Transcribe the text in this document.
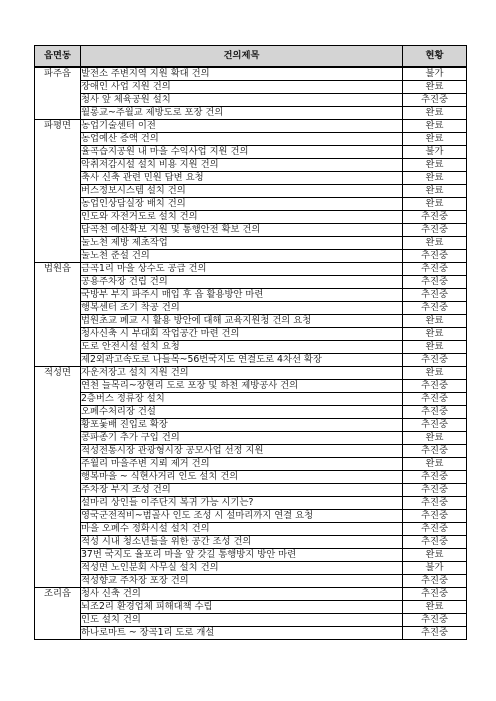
읍면동	건의제목	현황
파주읍	발전소 주변지역 지원 확대 건의	불가
	장애인 사업 지원 건의	완료
	청사 앞 체육공원 설치	추진중
	월롱교~주월교 제방도로 포장 건의	완료
파평면	농업기술센터 이전	완료
	농업예산 증액 건의	완료
	율곡습지공원 내 마을 수익사업 지원 건의	불가
	악취저감시설 설치 비용 지원 건의	완료
	축사 신축 관련 민원 답변 요청	완료
	버스정보시스템 설치 건의	완료
	농업인상담실장 배치 건의	완료
	인도와 자전거도로 설치 건의	추진중
	답곡천 예산확보 지원 및 통행안전 확보 건의	추진중
	눌노천 제방 제초작업	완료
	눌노천 준설 건의	추진중
법원읍	금곡1리 마을 상수도 공급 건의	추진중
	공용주차장 건립 건의	추진중
	국방부 부지 파주시 매입 후 읍 활용방안 마련	추진중
	행복센터 조기 착공 건의	추진중
	법원초교 폐교 시 활용 방안에 대해 교육지원청 건의 요청	완료
	청사신축 시 부대회 작업공간 마련 건의	완료
	도로 안전시설 설치 요청	완료
	제2외곽고속도로 나들목~56번국지도 연결도로 4차선 확장	추진중
적성면	자운저장고 설치 지원 건의	완료
	연천 늘목리~장현리 도로 포장 및 하천 제방공사 건의	추진중
	2층버스 정류장 설치	추진중
	오폐수처리장 건설	추진중
	황포돛배 진입로 확장	추진중
	콩파종기 추가 구입 건의	완료
	적성전통시장 관광형시장 공모사업 선정 지원	추진중
	주월리 마을주변 지뢰 제거 건의	완료
	행복마을 ~ 식현사거리 인도 설치 건의	추진중
	주차장 부지 조성 건의	추진중
	설마리 상인들 이주단지 복귀 가능 시기는?	추진중
	영국군전적비~범골사 인도 조성 시 설마리까지 연결 요청	추진중
	마을 오폐수 정화시설 설치 건의	추진중
	적성 시내 청소년들을 위한 공간 조성 건의	추진중
	37번 국지도 율포리 마을 앞 갓길 통행방지 방안 마련	완료
	적성면 노인분회 사무실 설치 건의	불가
	적성향교 주차장 포장 건의	추진중
조리읍	청사 신축 건의	추진중
	뇌조2리 환경업체 피해대책 수립	완료
	인도 설치 건의	추진중
	하나로마트 ~ 장곡1리 도로 개설	추진중
